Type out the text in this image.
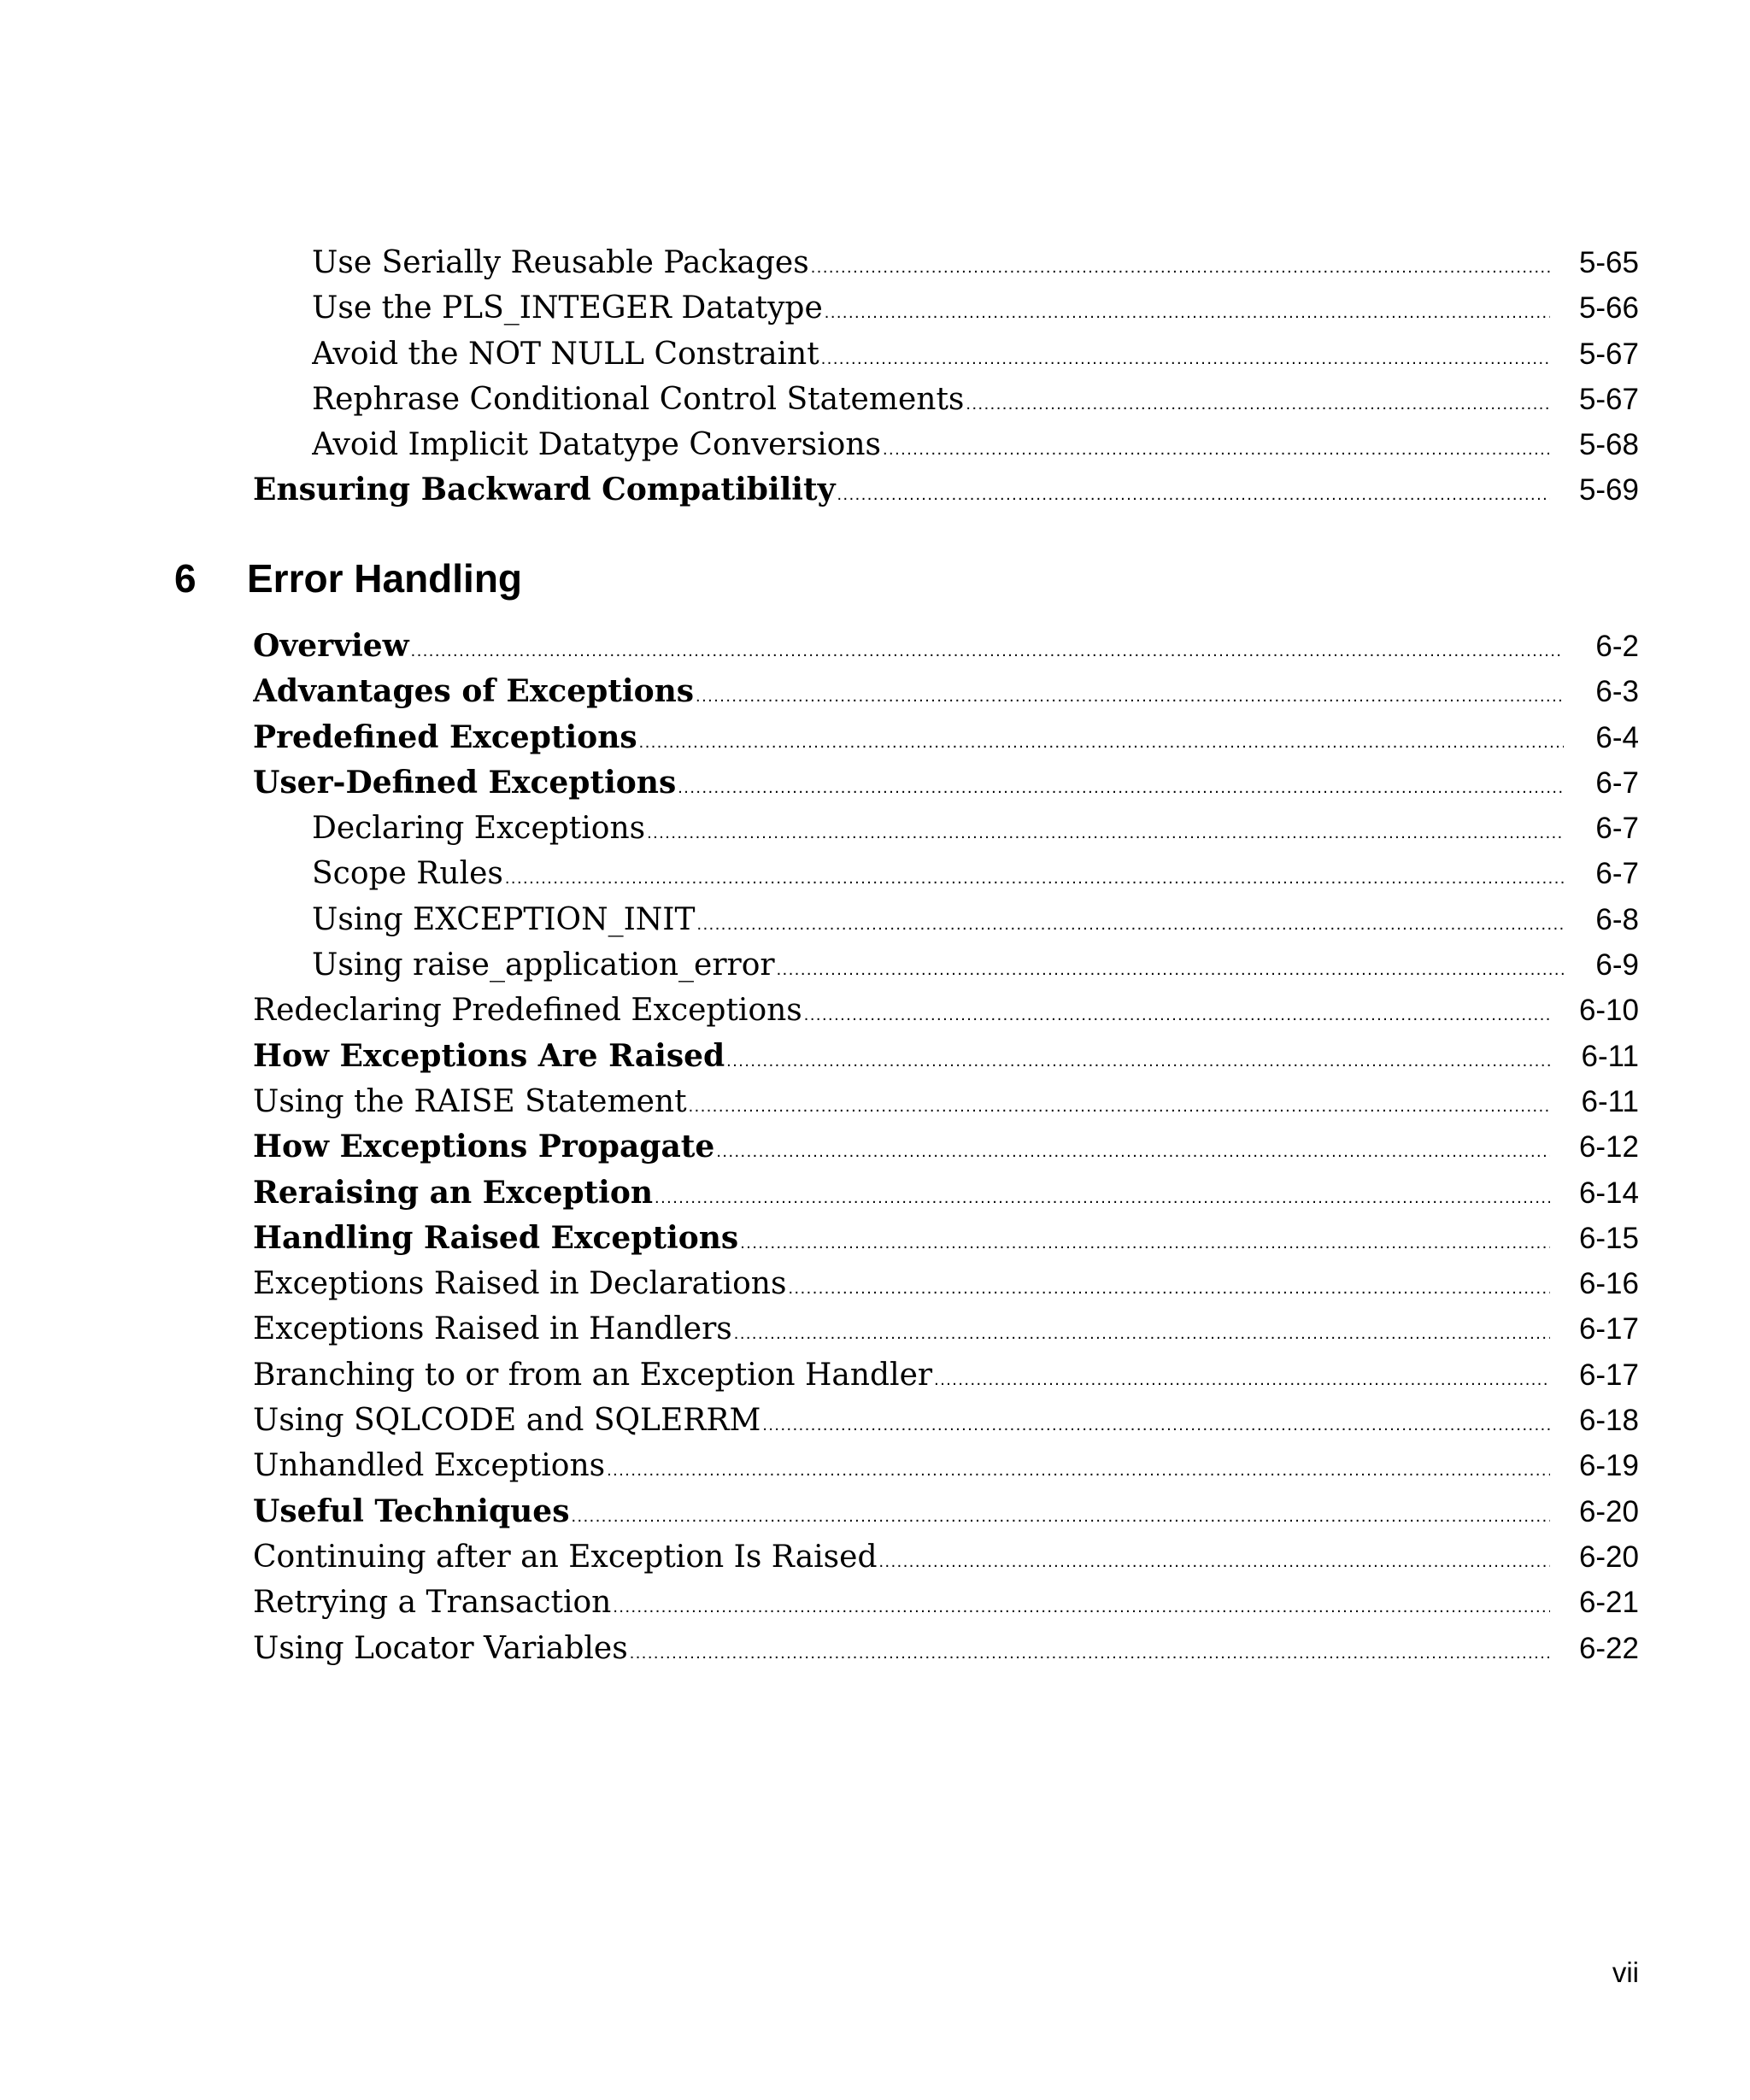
Use Serially Reusable Packages .....	5-65
Use the PLS_INTEGER Datatype .....	5-66
Avoid the NOT NULL Constraint .....	5-67
Rephrase Conditional Control Statements .....	5-67
Avoid Implicit Datatype Conversions .....	5-68
Ensuring Backward Compatibility .....	5-69
6	Error Handling
Overview .....	6-2
Advantages of Exceptions .....	6-3
Predefined Exceptions .....	6-4
User-Defined Exceptions .....	6-7
Declaring Exceptions .....	6-7
Scope Rules .....	6-7
Using EXCEPTION_INIT .....	6-8
Using raise_application_error .....	6-9
Redeclaring Predefined Exceptions .....	6-10
How Exceptions Are Raised .....	6-11
Using the RAISE Statement .....	6-11
How Exceptions Propagate .....	6-12
Reraising an Exception .....	6-14
Handling Raised Exceptions .....	6-15
Exceptions Raised in Declarations .....	6-16
Exceptions Raised in Handlers .....	6-17
Branching to or from an Exception Handler .....	6-17
Using SQLCODE and SQLERRM .....	6-18
Unhandled Exceptions .....	6-19
Useful Techniques .....	6-20
Continuing after an Exception Is Raised .....	6-20
Retrying a Transaction .....	6-21
Using Locator Variables .....	6-22
vii
